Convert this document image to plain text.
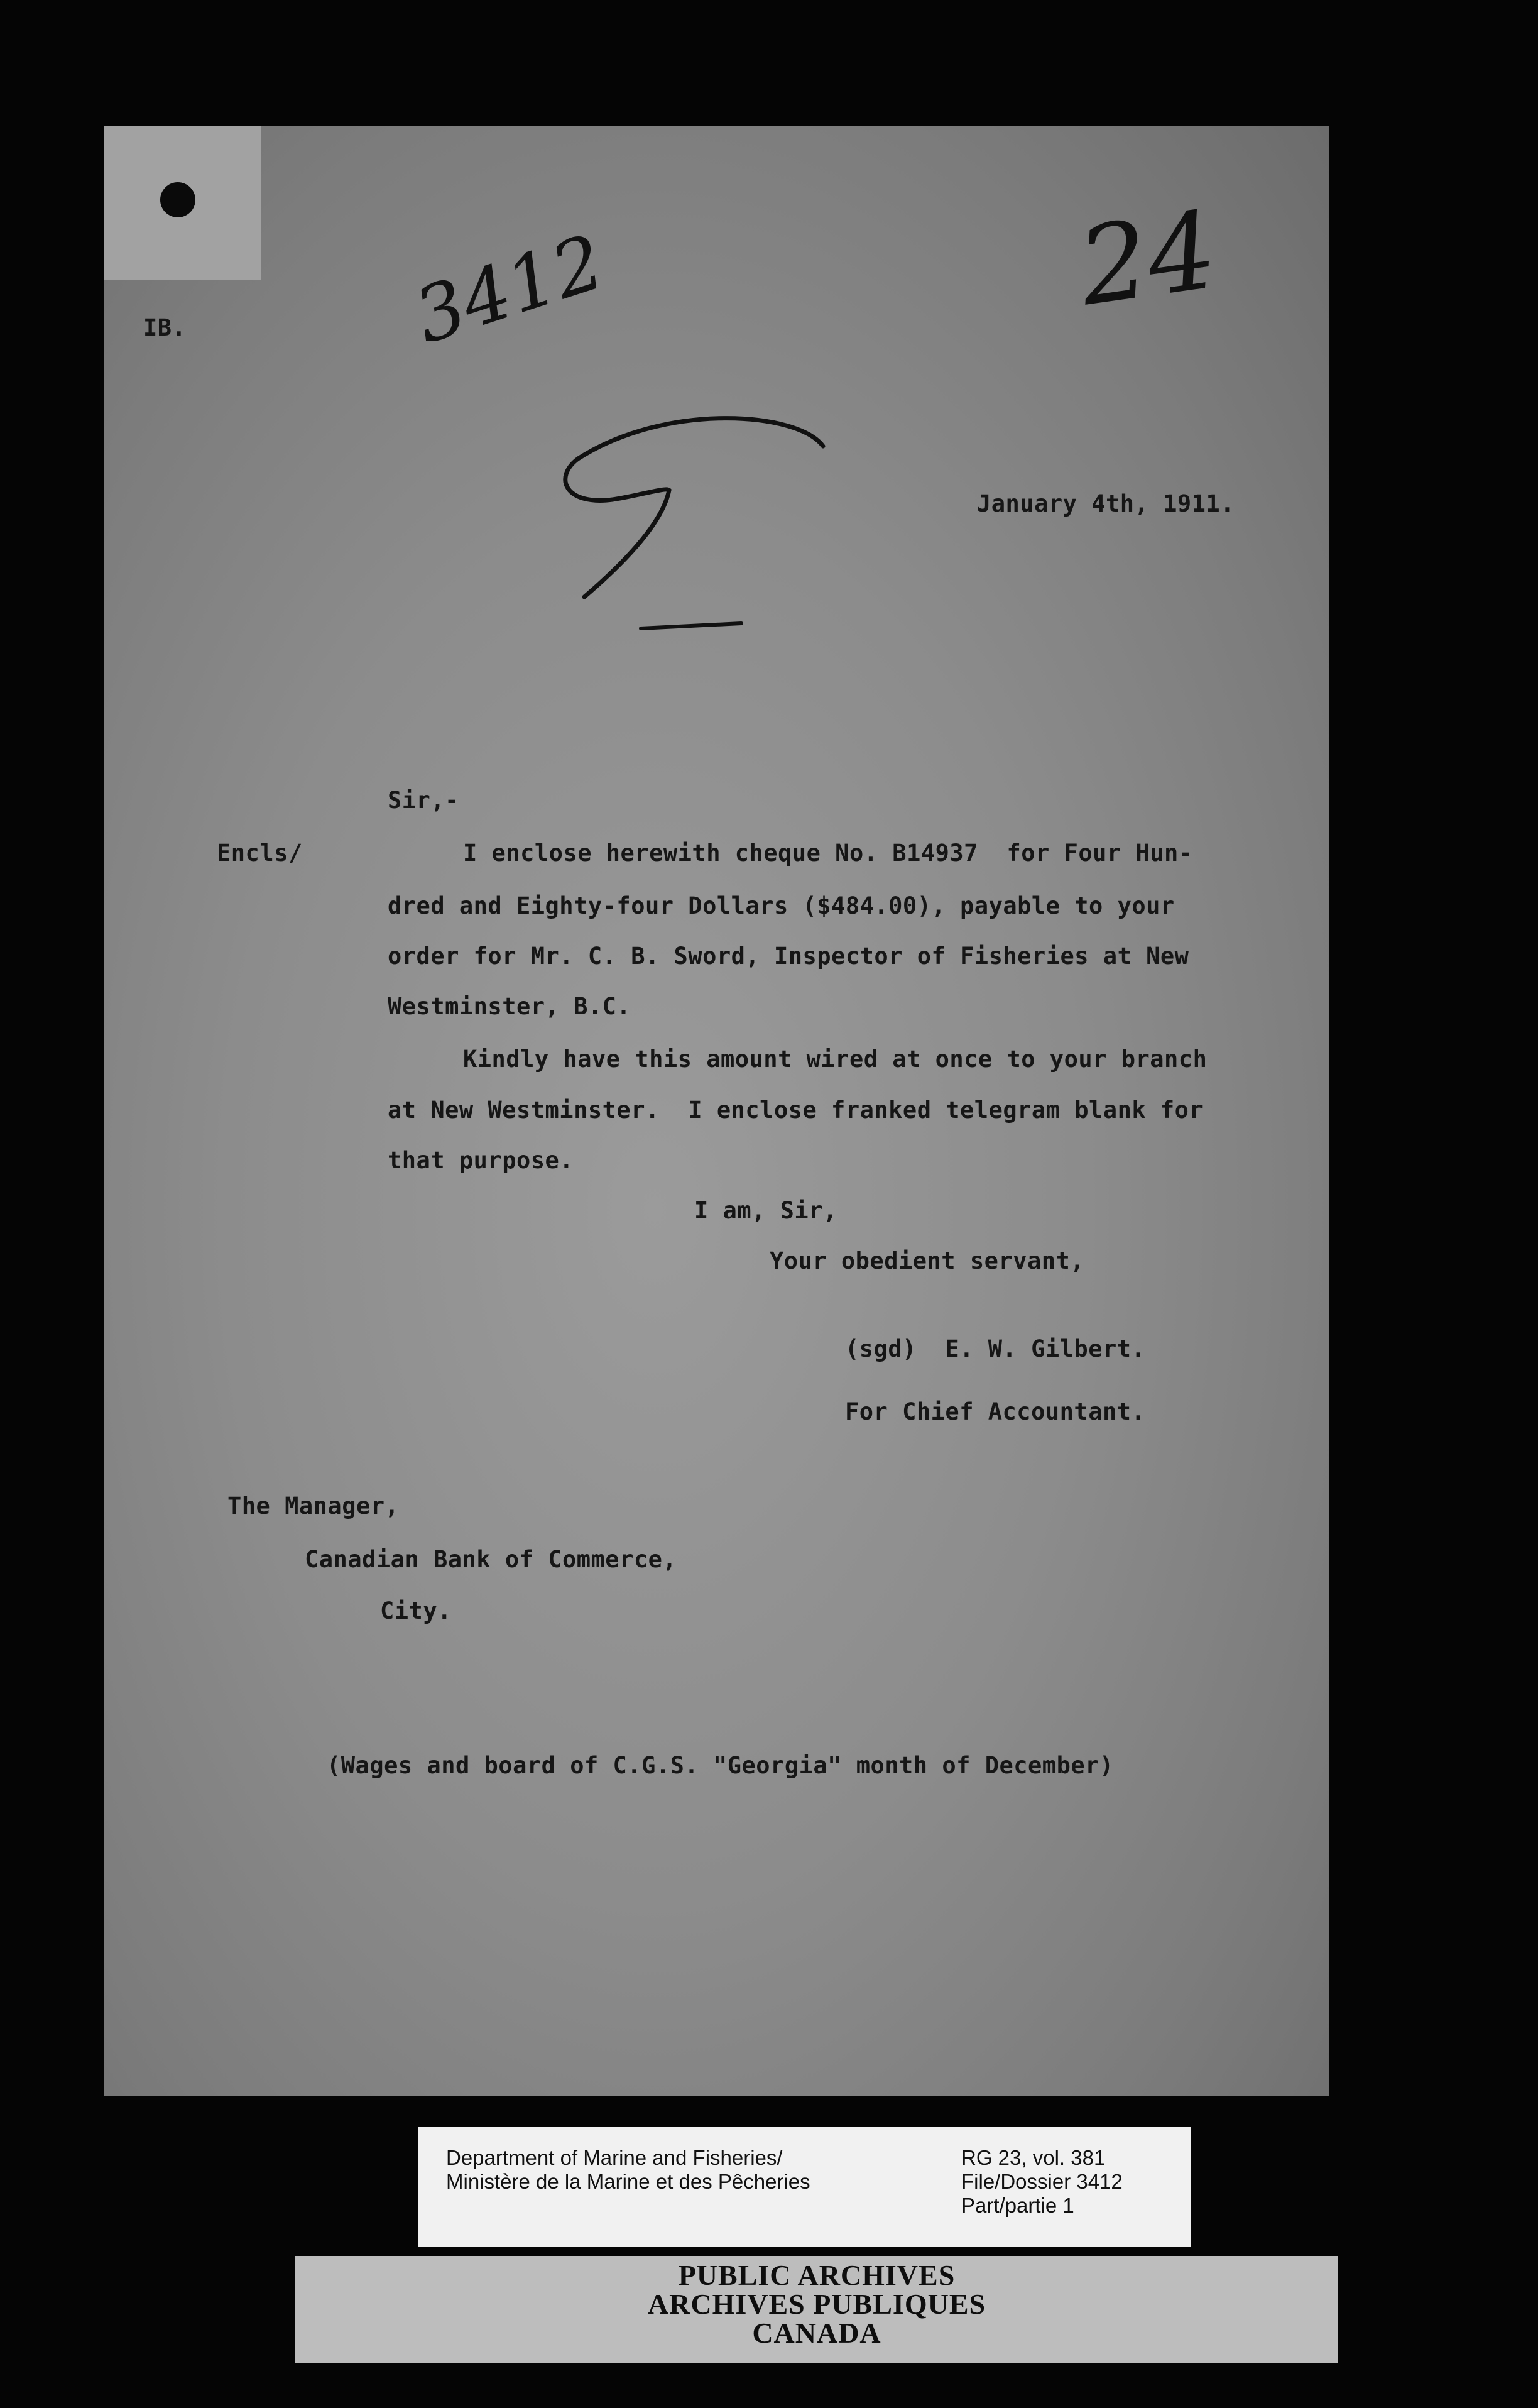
3412	24
IB.
January 4th, 1911.
Sir,-
Encls/	I enclose herewith cheque No. B14937  for Four Hun-
dred and Eighty-four Dollars ($484.00), payable to your
order for Mr. C. B. Sword, Inspector of Fisheries at New
Westminster, B.C.
Kindly have this amount wired at once to your branch
at New Westminster.  I enclose franked telegram blank for
that purpose.
I am, Sir,
Your obedient servant,
(sgd)  E. W. Gilbert.
For Chief Accountant.
The Manager,
Canadian Bank of Commerce,
City.
(Wages and board of C.G.S. "Georgia" month of December)
Department of Marine and Fisheries/
Ministère de la Marine et des Pêcheries
RG 23, vol. 381
File/Dossier 3412
Part/partie 1
PUBLIC ARCHIVES
ARCHIVES PUBLIQUES
CANADA
